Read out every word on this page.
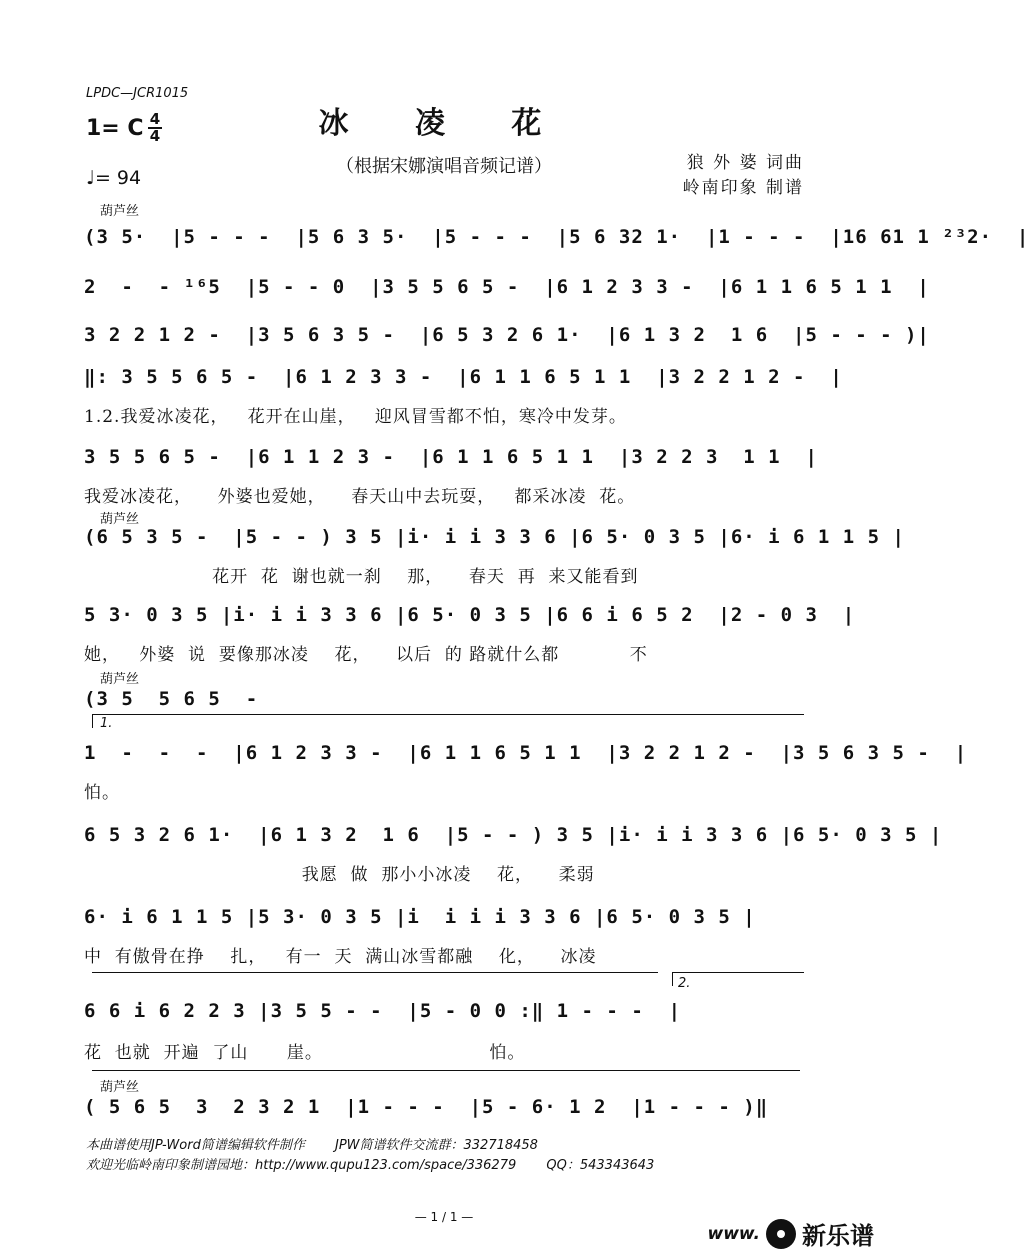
LPDC—JCR1015
冰 凌 花
（根据宋娜演唱音频记谱）	狼 外 婆 词曲
岭南印象 制谱
1= C 4
4
♩= 94
葫芦丝
(3 5·  |5 - - -  |5 6 3 5·  |5 - - -  |5 6 32 1·  |1 - - -  |16 61 1 ²³2·  |
2  -  - ¹⁶5  |5 - - 0  |3 5 5 6 5 -  |6 1 2 3 3 -  |6 1 1 6 5 1 1  |
3 2 2 1 2 -  |3 5 6 3 5 -  |6 5 3 2 6 1·  |6 1 3 2  1 6  |5 - - - )|
‖: 3 5 5 6 5 -  |6 1 2 3 3 -  |6 1 1 6 5 1 1  |3 2 2 1 2 -  |
1.2.我爱冰凌花，   花开在山崖，   迎风冒雪都不怕，寒冷中发芽。
3 5 5 6 5 -  |6 1 1 2 3 -  |6 1 1 6 5 1 1  |3 2 2 3  1 1  |
我爱冰凌花，    外婆也爱她，    春天山中去玩耍，   都采冰凌  花。
葫芦丝
(6 5 3 5 -  |5 - - ) 3 5 |i· i i 3 3 6 |6 5· 0 3 5 |6· i 6 1 1 5 |
花开  花  谢也就一刹    那，    春天  再  来又能看到
5 3· 0 3 5 |i· i i 3 3 6 |6 5· 0 3 5 |6 6 i 6 5 2  |2 - 0 3  |
她，   外婆  说  要像那冰凌    花，    以后  的 路就什么都           不
葫芦丝
(3 5  5 6 5  -
1.
1  -  -  -  |6 1 2 3 3 -  |6 1 1 6 5 1 1  |3 2 2 1 2 -  |3 5 6 3 5 -  |
怕。
6 5 3 2 6 1·  |6 1 3 2  1 6  |5 - - ) 3 5 |i· i i 3 3 6 |6 5· 0 3 5 |
我愿  做  那小小冰凌    花，    柔弱
6· i 6 1 1 5 |5 3· 0 3 5 |i  i i i 3 3 6 |6 5· 0 3 5 |
中  有傲骨在挣    扎，   有一  天  满山冰雪都融    化，    冰凌
2.
6 6 i 6 2 2 3 |3 5 5 - -  |5 - 0 0 :‖ 1 - - -  |
花  也就  开遍  了山      崖。                          怕。
葫芦丝
( 5 6 5  3  2 3 2 1  |1 - - -  |5 - 6· 1 2  |1 - - - )‖
本曲谱使用JP-Word简谱编辑软件制作 JPW简谱软件交流群：332718458
欢迎光临岭南印象制谱园地：http://www.qupu123.com/space/336279 QQ：543343643
— 1 / 1 —
www. 新乐谱
